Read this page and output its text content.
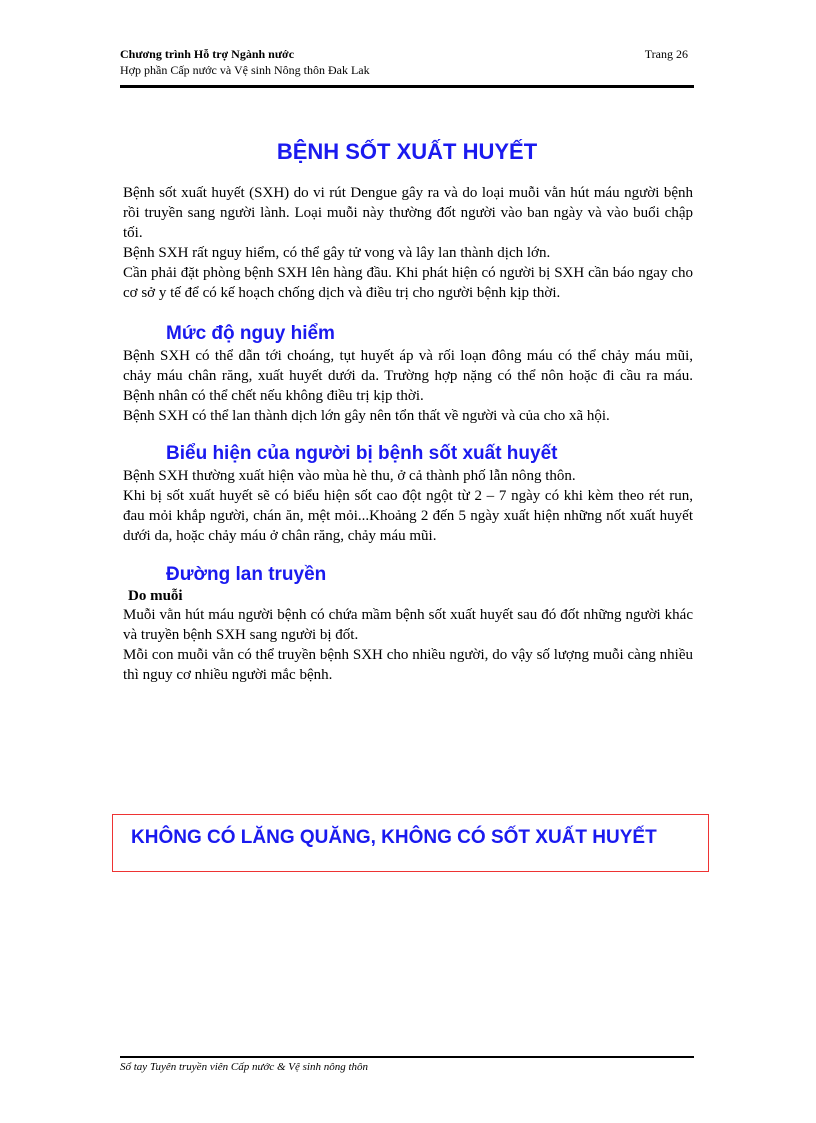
Chương trình Hỗ trợ Ngành nước
Hợp phần Cấp nước và Vệ sinh Nông thôn Đak Lak
Trang 26
BỆNH SỐT XUẤT HUYẾT

Bệnh sốt xuất huyết (SXH) do vi rút Dengue gây ra và do loại muỗi vằn hút máu người bệnh rồi truyền sang người lành. Loại muỗi này thường đốt người vào ban ngày và vào buổi chập tối.

Bệnh SXH rất nguy hiểm, có thể gây tử vong và lây lan thành dịch lớn.

Cần phải đặt phòng bệnh SXH lên hàng đầu. Khi phát hiện có người bị SXH cần báo ngay cho cơ sở y tế để có kế hoạch chống dịch và điều trị cho người bệnh kịp thời.

Mức độ nguy hiểm

Bệnh SXH có thể dẫn tới choáng, tụt huyết áp và rối loạn đông máu có thể chảy máu mũi, chảy máu chân răng, xuất huyết dưới da. Trường hợp nặng có thể nôn hoặc đi cầu ra máu. Bệnh nhân có thể chết nếu không điều trị kịp thời.

Bệnh SXH có thể lan thành dịch lớn gây nên tổn thất về người và của cho xã hội.

Biểu hiện của người bị bệnh sốt xuất huyết

Bệnh SXH thường xuất hiện vào mùa hè thu, ở cả thành phố lẫn nông thôn.

Khi bị sốt xuất huyết sẽ có biểu hiện sốt cao đột ngột từ 2 – 7 ngày có khi kèm theo rét run, đau mỏi khắp người, chán ăn, mệt mỏi...Khoảng 2 đến 5 ngày xuất hiện những nốt xuất huyết dưới da, hoặc chảy máu ở chân răng, chảy máu mũi.

Đường lan truyền

Do muỗi

Muỗi vằn hút máu người bệnh có chứa mầm bệnh sốt xuất huyết sau đó đốt những người khác và truyền bệnh SXH sang người bị đốt.

Mỗi con muỗi vằn có thể truyền bệnh SXH cho nhiều người, do vậy số lượng muỗi càng nhiều thì nguy cơ nhiều người mắc bệnh.

KHÔNG CÓ LĂNG QUĂNG, KHÔNG CÓ SỐT XUẤT HUYẾT
Sổ tay Tuyên truyền viên Cấp nước & Vệ sinh nông thôn
